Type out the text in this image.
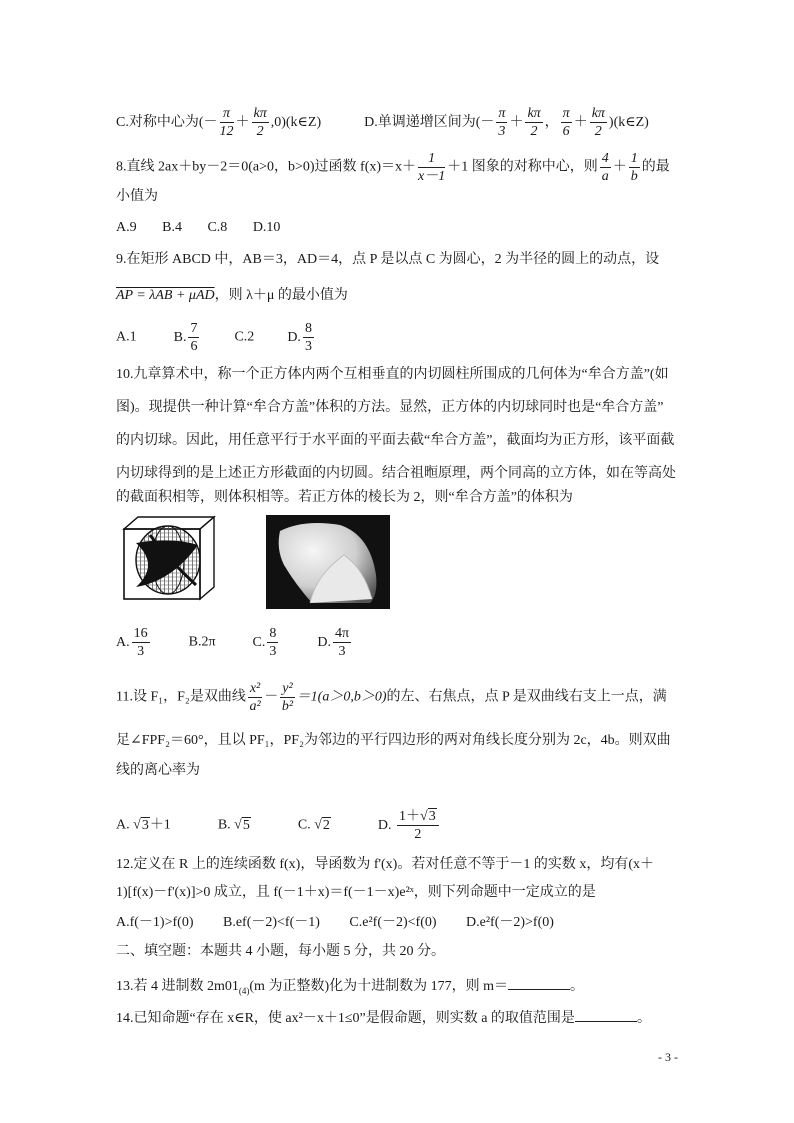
C.对称中心为(－ $\frac{\pi}{12} + \frac{k\pi}{2}$ ,0)(k∈Z)	D.单调递增区间为(－ $\frac{\pi}{3} + \frac{k\pi}{2}$ ， $\frac{\pi}{6} + \frac{k\pi}{2}$ )(k∈Z)
8.直线 2ax＋by－2＝0(a>0，b>0)过函数 $f(x)=x+ \frac{1}{x-1} +1$ 图象的对称中心，则 $\frac{4}{a} + \frac{1}{b}$ 的最
小值为
A.9 B.4 C.8 D.10
9.在矩形 ABCD 中，AB＝3，AD＝4，点 P 是以点 C 为圆心，2 为半径的圆上的动点，设
AP = λAB + μAD，则 λ＋μ 的最小值为
A.1	B. $\frac{7}{6}$	C.2 D. $\frac{8}{3}$
10.九章算术中，称一个正方体内两个互相垂直的内切圆柱所围成的几何体为“牟合方盖”(如
图)。现提供一种计算“牟合方盖”体积的方法。显然，正方体的内切球同时也是“牟合方盖”
的内切球。因此，用任意平行于水平面的平面去截“牟合方盖”，截面均为正方形，该平面截
内切球得到的是上述正方形截面的内切圆。结合祖暅原理，两个同高的立方体，如在等高处
的截面积相等，则体积相等。若正方体的棱长为 2，则“牟合方盖”的体积为
A. $\frac{16}{3}$	B.2π	C. $\frac{8}{3}$	D. $\frac{4\pi}{3}$
11.设 F₁，F₂是双曲线 $\frac{\text{x²}}{\text{a²}} - \frac{\text{y²}}{\text{b²}} =1(a>0,b>0)$的左、右焦点，点 P 是双曲线右支上一点，满
足∠FPF₂＝60°，且以 PF₁，PF₂为邻边的平行四边形的两对角线长度分别为 2c，4b。则双曲
线的离心率为
A. √3＋1	B. √5	C. √2	D. $\frac{1+√3}{2}$
12.定义在 R 上的连续函数 f(x)，导函数为 f'(x)。若对任意不等于－1 的实数 x，均有(x＋
1)[f(x)－f'(x)]>0 成立，且 f(－1＋x)＝f(－1－x)e²ˣ，则下列命题中一定成立的是
A.f(－1)>f(0) B.ef(－2)<f(－1) C.e²f(－2)<f(0) D.e²f(－2)>f(0)
二、填空题：本题共 4 小题，每小题 5 分，共 20 分。
13.若 4 进制数 $2m01_{(4)}(m$ 为正整数)化为十进制数为 177，则 m＝	。
14.已知命题“存在 x∈R，使 ax²－x＋1≤0”是假命题，则实数 a 的取值范围是	。
- 3 -
